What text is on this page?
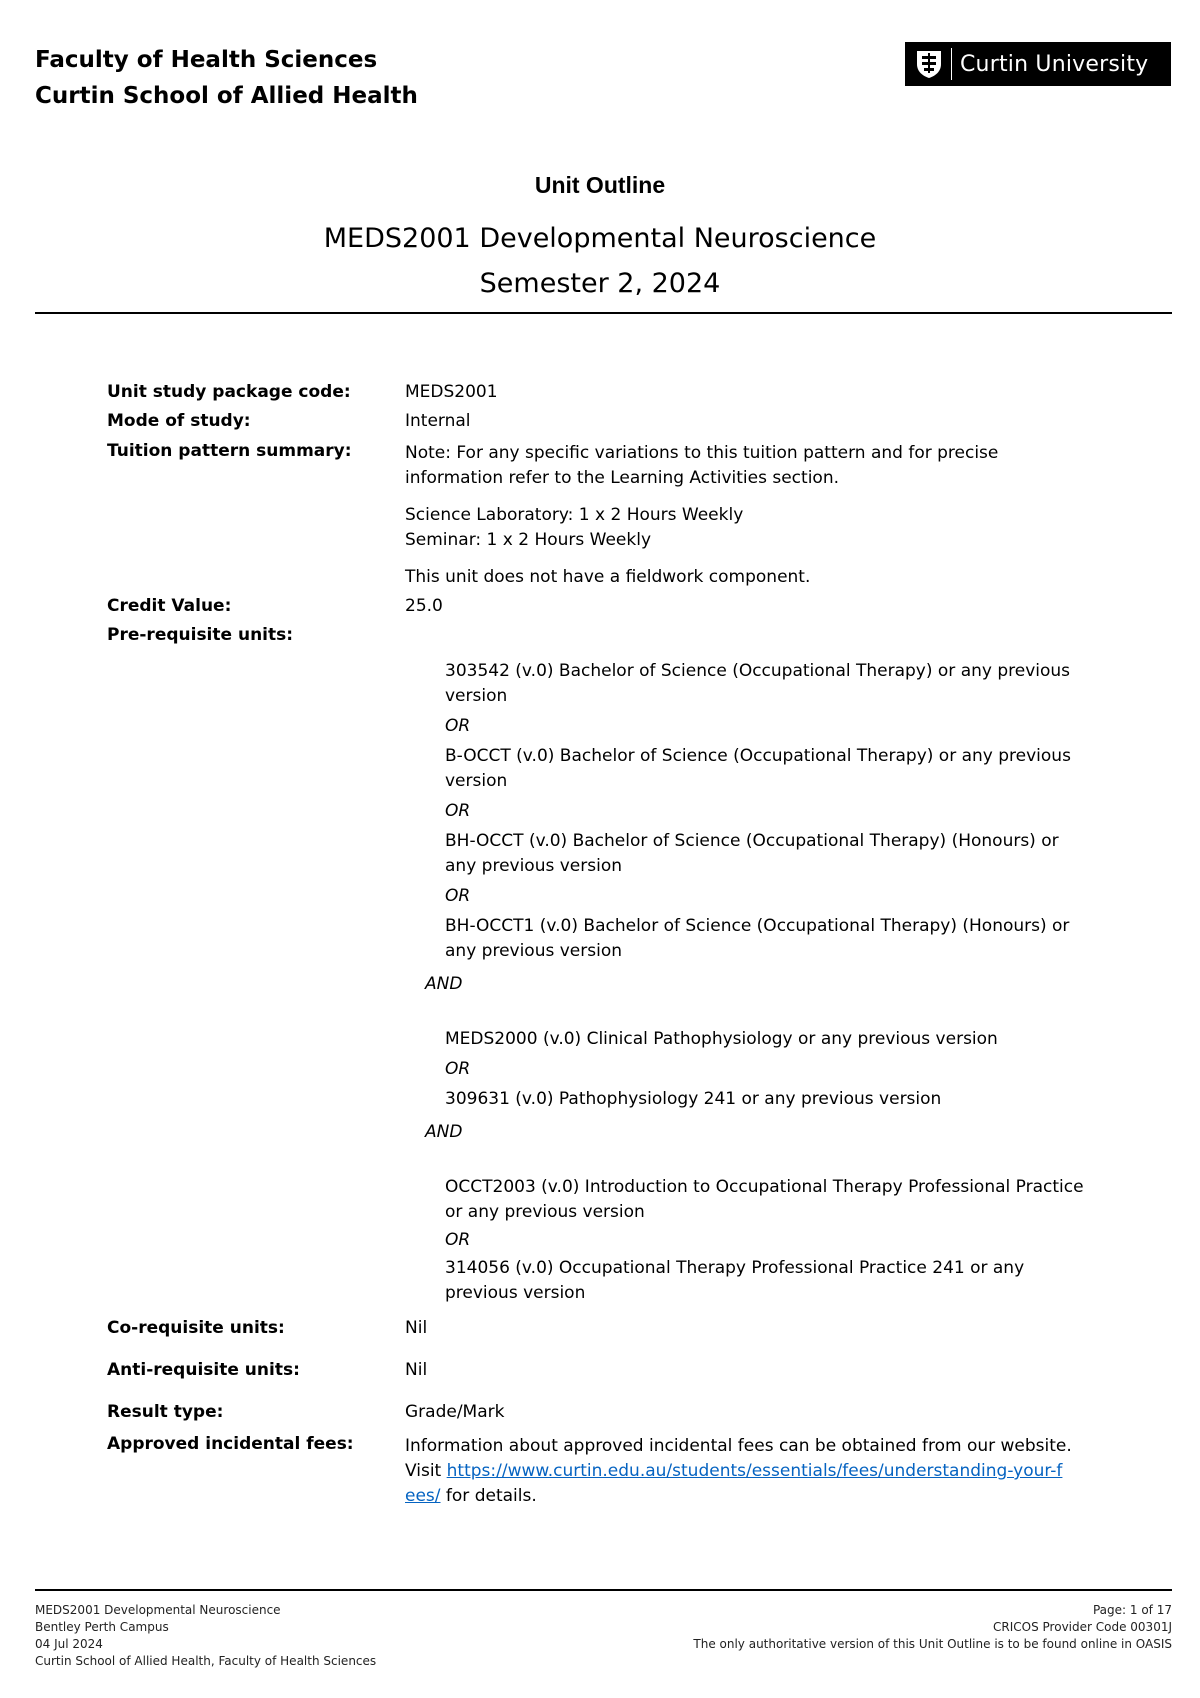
Faculty of Health Sciences
Curtin School of Allied Health
Curtin University
Unit Outline
MEDS2001 Developmental Neuroscience
Semester 2, 2024
Unit study package code:	MEDS2001
Mode of study:	Internal
Tuition pattern summary:	Note: For any specific variations to this tuition pattern and for precise information refer to the Learning Activities section.

Science Laboratory: 1 x 2 Hours Weekly

Seminar: 1 x 2 Hours Weekly

This unit does not have a fieldwork component.

Credit Value:	25.0
Pre-requisite units:
303542 (v.0) Bachelor of Science (Occupational Therapy) or any previous version
OR
B-OCCT (v.0) Bachelor of Science (Occupational Therapy) or any previous version
OR
BH-OCCT (v.0) Bachelor of Science (Occupational Therapy) (Honours) or any previous version
OR
BH-OCCT1 (v.0) Bachelor of Science (Occupational Therapy) (Honours) or any previous version
AND
MEDS2000 (v.0) Clinical Pathophysiology or any previous version
OR
309631 (v.0) Pathophysiology 241 or any previous version
AND
OCCT2003 (v.0) Introduction to Occupational Therapy Professional Practice or any previous version
OR
314056 (v.0) Occupational Therapy Professional Practice 241 or any previous version
Co-requisite units:	Nil
Anti-requisite units:	Nil
Result type:	Grade/Mark
Approved incidental fees:	Information about approved incidental fees can be obtained from our website.

Visit https://www.curtin.edu.au/students/essentials/fees/understanding-your-fees/ for details.

MEDS2001 Developmental Neuroscience
Bentley Perth Campus
04 Jul 2024
Curtin School of Allied Health, Faculty of Health Sciences
Page: 1 of 17
CRICOS Provider Code 00301J
The only authoritative version of this Unit Outline is to be found online in OASIS
